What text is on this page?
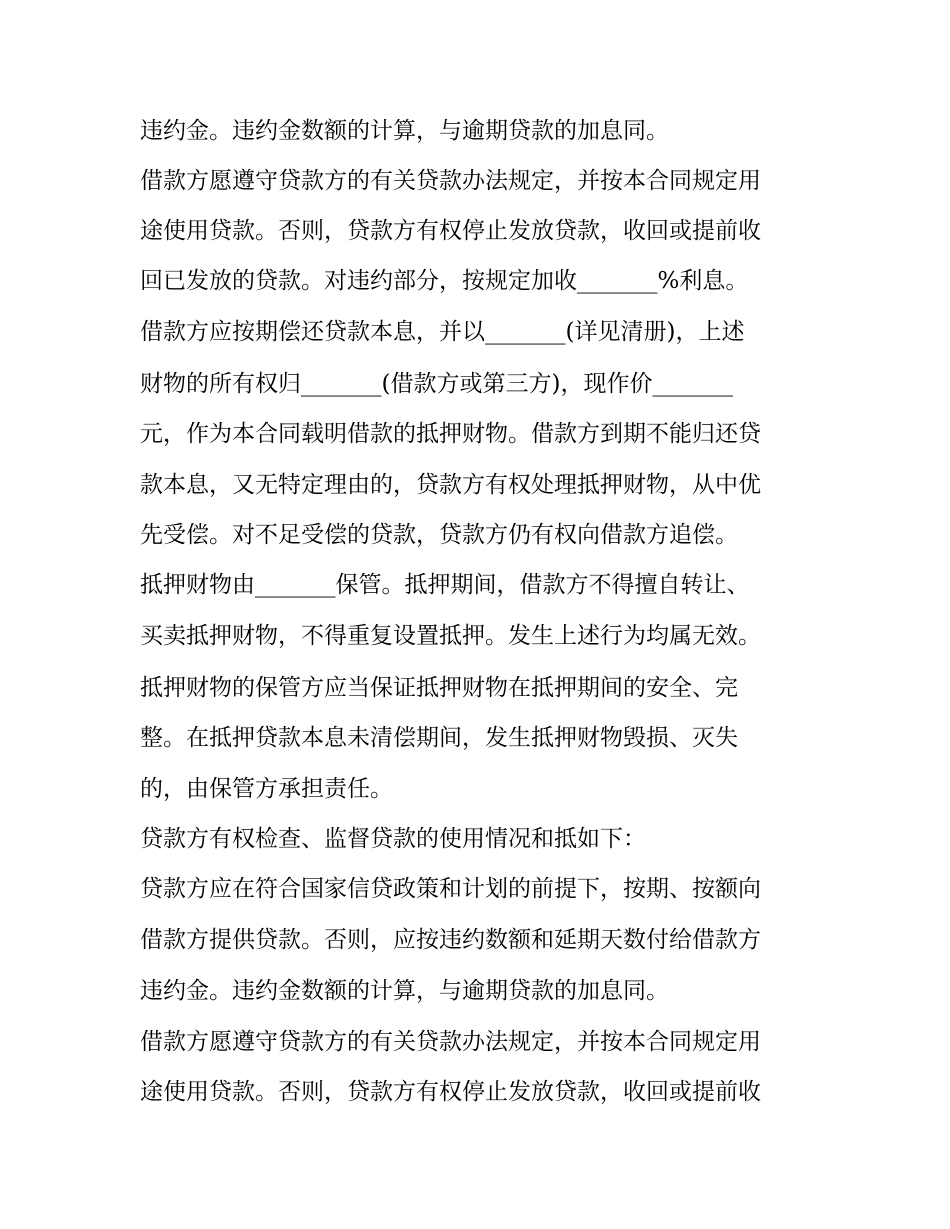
违约金。违约金数额的计算，与逾期贷款的加息同。
借款方愿遵守贷款方的有关贷款办法规定，并按本合同规定用
途使用贷款。否则，贷款方有权停止发放贷款，收回或提前收
回已发放的贷款。对违约部分，按规定加收_______%利息。
借款方应按期偿还贷款本息，并以_______(详见清册)，上述
财物的所有权归_______(借款方或第三方)，现作价_______
元，作为本合同载明借款的抵押财物。借款方到期不能归还贷
款本息，又无特定理由的，贷款方有权处理抵押财物，从中优
先受偿。对不足受偿的贷款，贷款方仍有权向借款方追偿。
抵押财物由_______保管。抵押期间，借款方不得擅自转让、
买卖抵押财物，不得重复设置抵押。发生上述行为均属无效。
抵押财物的保管方应当保证抵押财物在抵押期间的安全、完
整。在抵押贷款本息未清偿期间，发生抵押财物毁损、灭失
的，由保管方承担责任。
贷款方有权检查、监督贷款的使用情况和抵如下：
贷款方应在符合国家信贷政策和计划的前提下，按期、按额向
借款方提供贷款。否则，应按违约数额和延期天数付给借款方
违约金。违约金数额的计算，与逾期贷款的加息同。
借款方愿遵守贷款方的有关贷款办法规定，并按本合同规定用
途使用贷款。否则，贷款方有权停止发放贷款，收回或提前收
